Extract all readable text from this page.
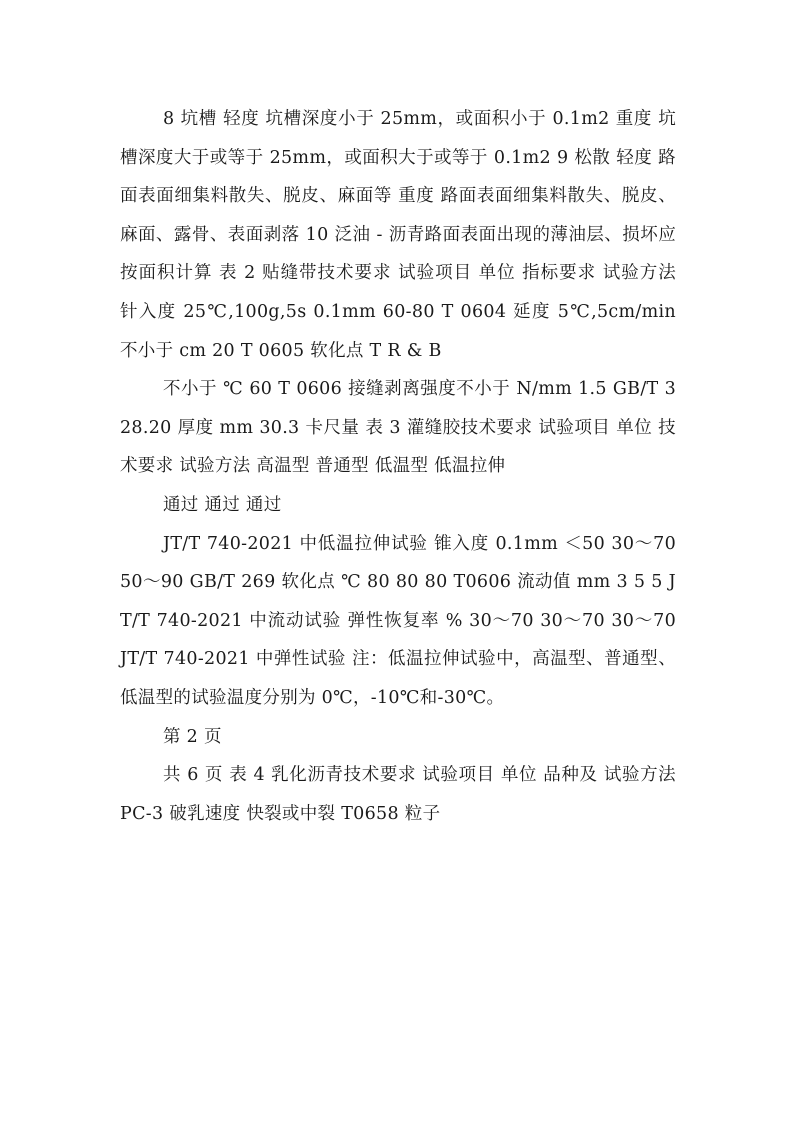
8 坑槽 轻度 坑槽深度小于 25mm，或面积小于 0.1m2 重度 坑槽深度大于或等于 25mm，或面积大于或等于 0.1m2 9 松散 轻度 路面表面细集料散失、脱皮、麻面等 重度 路面表面细集料散失、脱皮、麻面、露骨、表面剥落 10 泛油 - 沥青路面表面出现的薄油层、损坏应按面积计算 表 2 贴缝带技术要求 试验项目 单位 指标要求 试验方法 针入度 25℃,100g,5s 0.1mm 60-80 T 0604 延度 5℃,5cm/min 不小于 cm 20 T 0605 软化点 T R & B

不小于 ℃ 60 T 0606 接缝剥离强度不小于 N/mm 1.5 GB/T 328.20 厚度 mm 30.3 卡尺量 表 3 灌缝胶技术要求 试验项目 单位 技术要求 试验方法 高温型 普通型 低温型 低温拉伸

通过 通过 通过

JT/T 740-2021 中低温拉伸试验 锥入度 0.1mm ＜50 30～70 50～90 GB/T 269 软化点 ℃ 80 80 80 T0606 流动值 mm 3 5 5 JT/T 740-2021 中流动试验 弹性恢复率 % 30～70 30～70 30～70 JT/T 740-2021 中弹性试验 注：低温拉伸试验中，高温型、普通型、低温型的试验温度分别为 0℃，-10℃和-30℃。

第 2 页

共 6 页 表 4 乳化沥青技术要求 试验项目 单位 品种及 试验方法 PC-3 破乳速度 快裂或中裂 T0658 粒子
